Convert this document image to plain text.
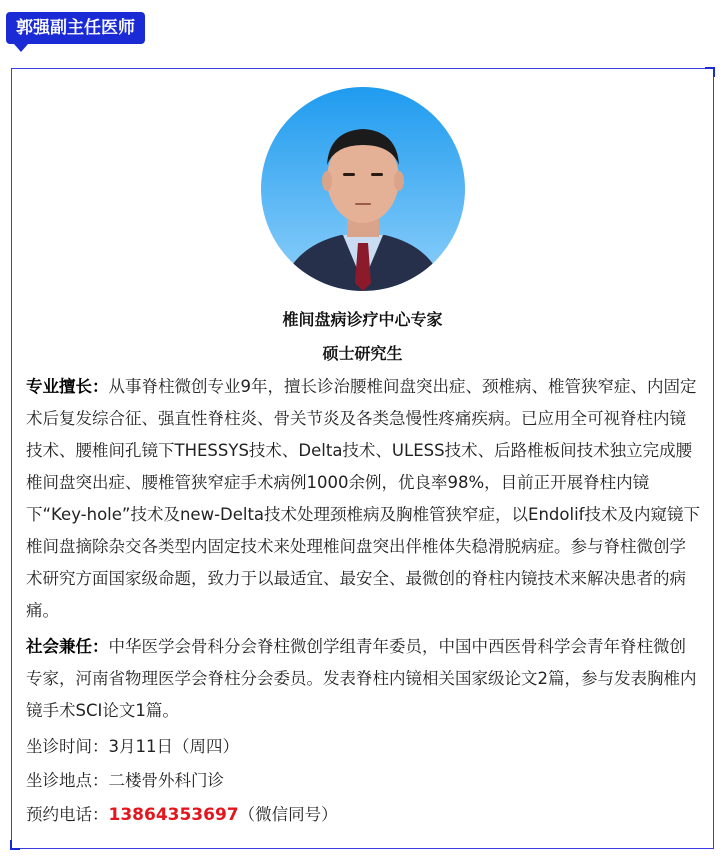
郭强副主任医师
椎间盘病诊疗中心专家
硕士研究生

专业擅长：从事脊柱微创专业9年，擅长诊治腰椎间盘突出症、颈椎病、椎管狭窄症、内固定术后复发综合征、强直性脊柱炎、骨关节炎及各类急慢性疼痛疾病。已应用全可视脊柱内镜技术、腰椎间孔镜下THESSYS技术、Delta技术、ULESS技术、后路椎板间技术独立完成腰椎间盘突出症、腰椎管狭窄症手术病例1000余例，优良率98%，目前正开展脊柱内镜下“Key-hole”技术及new-Delta技术处理颈椎病及胸椎管狭窄症，以Endolif技术及内窥镜下椎间盘摘除杂交各类型内固定技术来处理椎间盘突出伴椎体失稳滑脱病症。参与脊柱微创学术研究方面国家级命题，致力于以最适宜、最安全、最微创的脊柱内镜技术来解决患者的病痛。

社会兼任：中华医学会骨科分会脊柱微创学组青年委员，中国中西医骨科学会青年脊柱微创专家，河南省物理医学会脊柱分会委员。发表脊柱内镜相关国家级论文2篇，参与发表胸椎内镜手术SCI论文1篇。

坐诊时间：3月11日（周四）

坐诊地点：二楼骨外科门诊

预约电话：13864353697（微信同号）
